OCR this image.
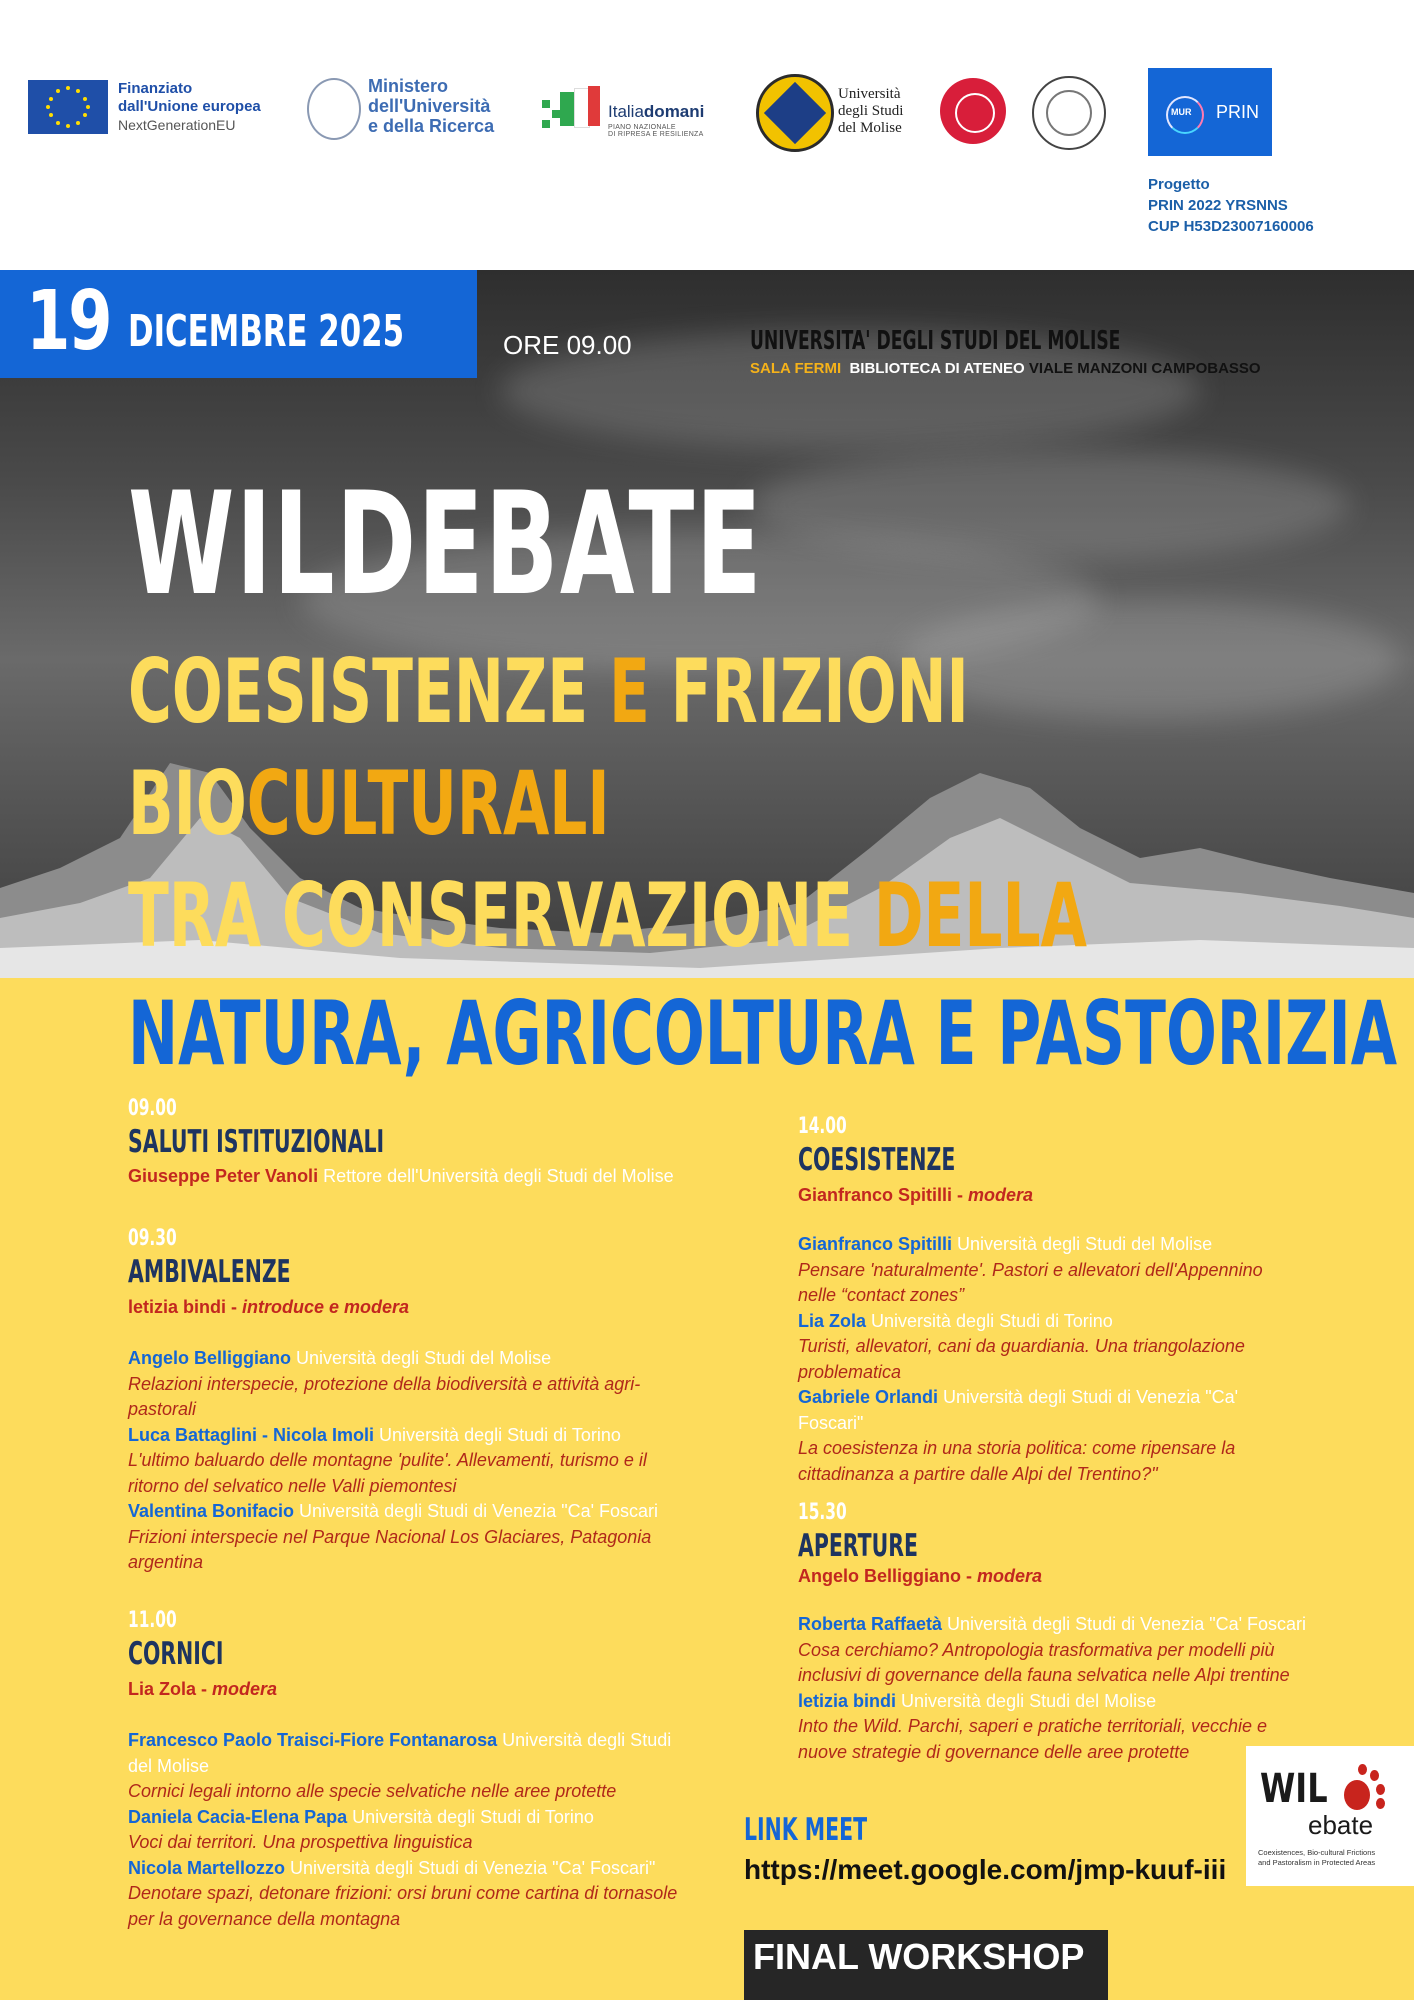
Finanziato
dall'Unione europea
NextGenerationEU
Ministero
dell'Università
e della Ricerca
Italiadomani
PIANO NAZIONALE
DI RIPRESA E RESILIENZA
Università
degli Studi
del Molise
MUR PRIN
Progetto
PRIN 2022 YRSNNS
CUP H53D23007160006
19 DICEMBRE 2025	ORE 09.00	UNIVERSITA' DEGLI STUDI DEL MOLISE
SALA FERMI BIBLIOTECA DI ATENEO VIALE MANZONI CAMPOBASSO
WILDEBATE
COESISTENZE E FRIZIONI
BIOCULTURALI
TRA CONSERVAZIONE DELLA
NATURA, AGRICOLTURA E PASTORIZIA
09.00
SALUTI ISTITUZIONALI
Giuseppe Peter Vanoli Rettore dell'Università degli Studi del Molise
09.30
AMBIVALENZE
letizia bindi - introduce e modera
Angelo Belliggiano Università degli Studi del Molise
Relazioni interspecie, protezione della biodiversità e attività agri-
pastorali
Luca Battaglini - Nicola Imoli Università degli Studi di Torino
L'ultimo baluardo delle montagne 'pulite'. Allevamenti, turismo e il
ritorno del selvatico nelle Valli piemontesi
Valentina Bonifacio Università degli Studi di Venezia "Ca' Foscari
Frizioni interspecie nel Parque Nacional Los Glaciares, Patagonia
argentina
11.00
CORNICI
Lia Zola - modera
Francesco Paolo Traisci-Fiore Fontanarosa Università degli Studi
del Molise
Cornici legali intorno alle specie selvatiche nelle aree protette
Daniela Cacia-Elena Papa Università degli Studi di Torino
Voci dai territori. Una prospettiva linguistica
Nicola Martellozzo Università degli Studi di Venezia "Ca' Foscari"
Denotare spazi, detonare frizioni: orsi bruni come cartina di tornasole
per la governance della montagna
14.00
COESISTENZE
Gianfranco Spitilli - modera
Gianfranco Spitilli Università degli Studi del Molise
Pensare 'naturalmente'. Pastori e allevatori dell'Appennino
nelle “contact zones”
Lia Zola Università degli Studi di Torino
Turisti, allevatori, cani da guardiania. Una triangolazione
problematica
Gabriele Orlandi Università degli Studi di Venezia "Ca'
Foscari"
La coesistenza in una storia politica: come ripensare la
cittadinanza a partire dalle Alpi del Trentino?"
15.30
APERTURE
Angelo Belliggiano - modera
Roberta Raffaetà Università degli Studi di Venezia "Ca' Foscari
Cosa cerchiamo? Antropologia trasformativa per modelli più
inclusivi di governance della fauna selvatica nelle Alpi trentine
letizia bindi Università degli Studi del Molise
Into the Wild. Parchi, saperi e pratiche territoriali, vecchie e
nuove strategie di governance delle aree protette
LINK MEET
https://meet.google.com/jmp-kuuf-iii
FINAL WORKSHOP
WIL
ebate
Coexistences, Bio-cultural Frictions
and Pastoralism in Protected Areas
